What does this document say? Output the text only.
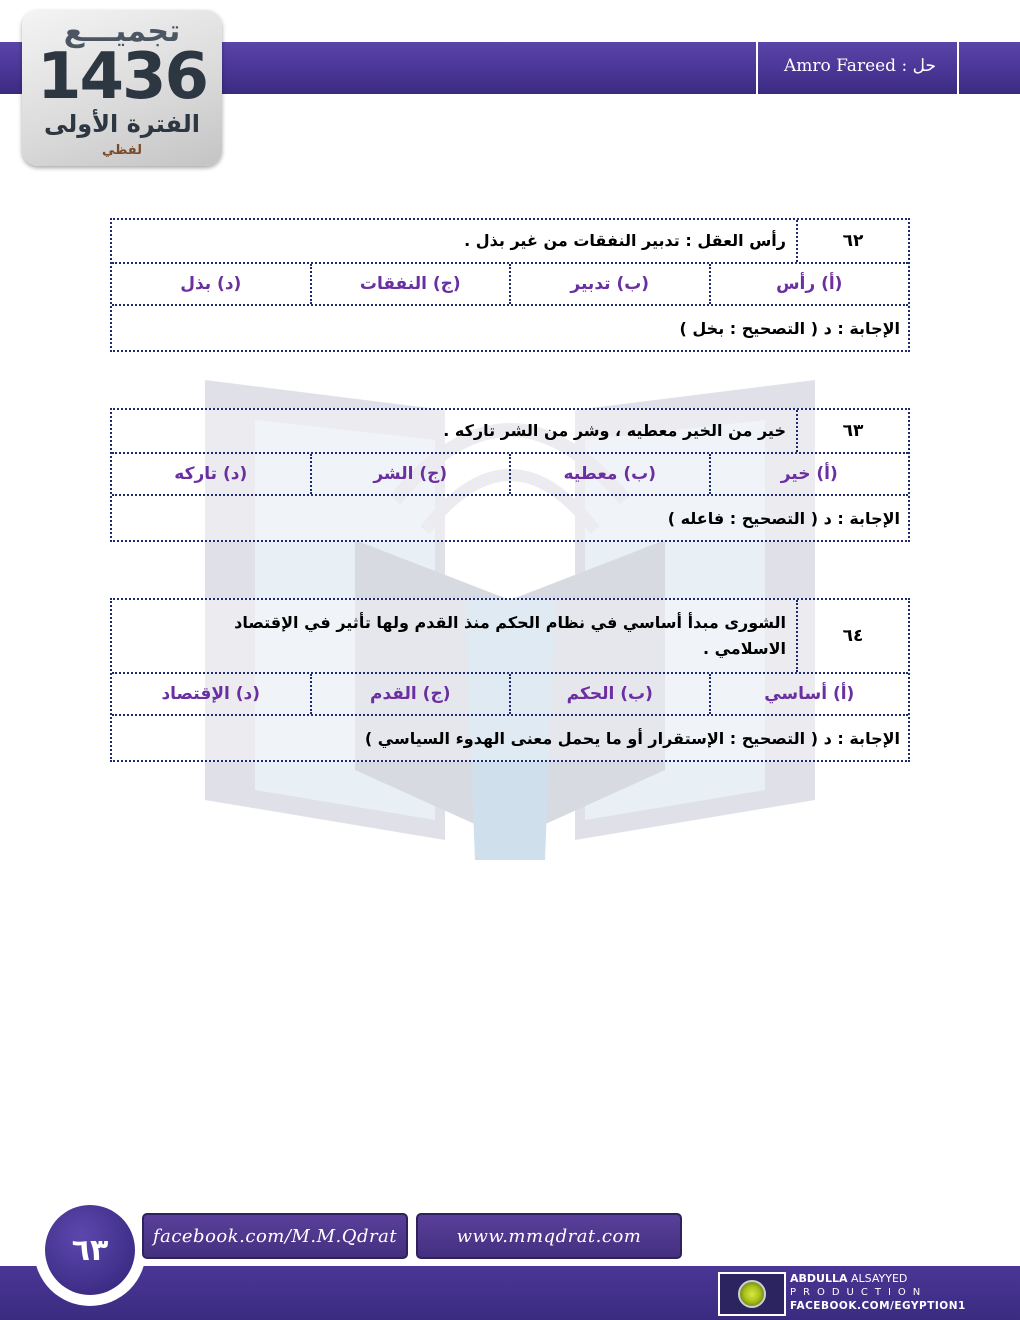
حل : Amro Fareed
تجميـــع
1436
الفترة الأولى
لفظي
٦٢
رأس العقل : تدبير النفقات من غير بذل .
(أ) رأس
(ب) تدبير
(ج) النفقات
(د) بذل
الإجابة : د ( التصحيح : بخل )
٦٣
خير من الخير معطيه ، وشر من الشر تاركه .
(أ) خير
(ب) معطيه
(ج) الشر
(د) تاركه
الإجابة : د ( التصحيح : فاعله )
٦٤
الشورى مبدأ أساسي في نظام الحكم منذ القدم ولها تأثير في الإقتصاد الاسلامي .
(أ) أساسي
(ب) الحكم
(ج) القدم
(د) الإقتصاد
الإجابة : د ( التصحيح : الإستقرار أو ما يحمل معنى الهدوء السياسي )
٦٣	facebook.com/M.M.Qdrat	www.mmqdrat.com
ABDULLA ALSAYYED
PRODUCTION
FACEBOOK.COM/EGYPTION1
